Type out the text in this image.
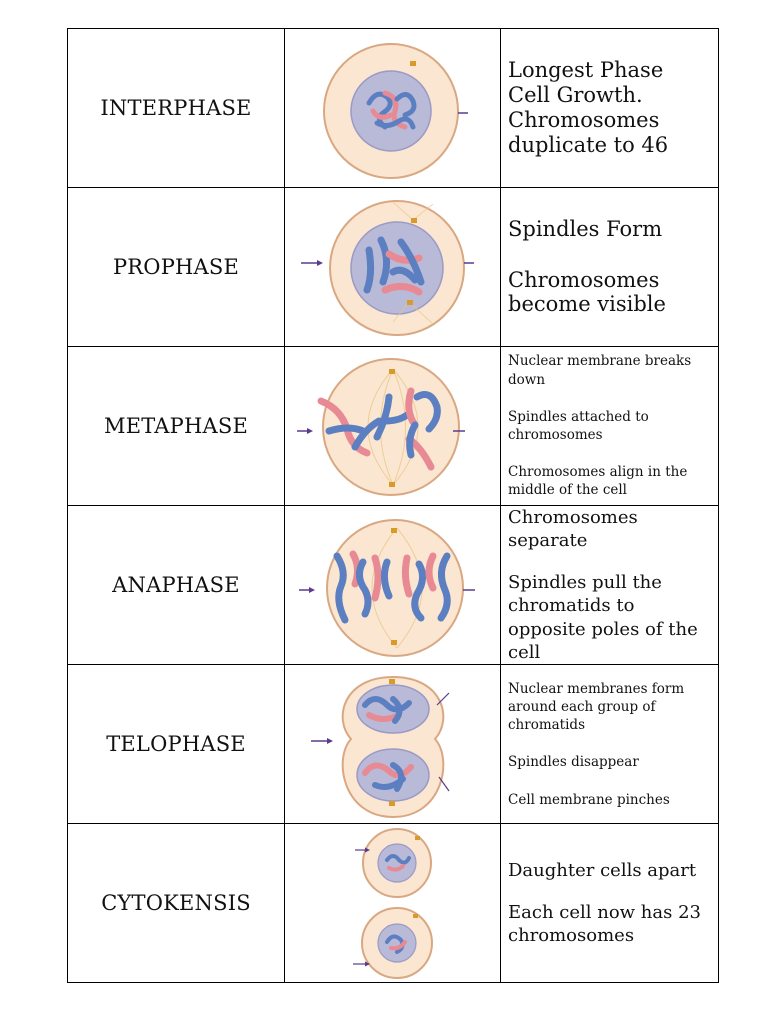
INTERPHASE		Longest Phase
Cell Growth.
Chromosomes
duplicate to 46

PROPHASE		Spindles Form
Chromosomes
become visible

METAPHASE		Nuclear membrane breaks down
Spindles attached to chromosomes
Chromosomes align in the middle of the cell

ANAPHASE		Chromosomes separate
Spindles pull the chromatids to opposite poles of the cell

TELOPHASE		Nuclear membranes form around each group of chromatids
Spindles disappear
Cell membrane pinches

CYTOKENSIS		Daughter cells apart
Each cell now has 23 chromosomes
